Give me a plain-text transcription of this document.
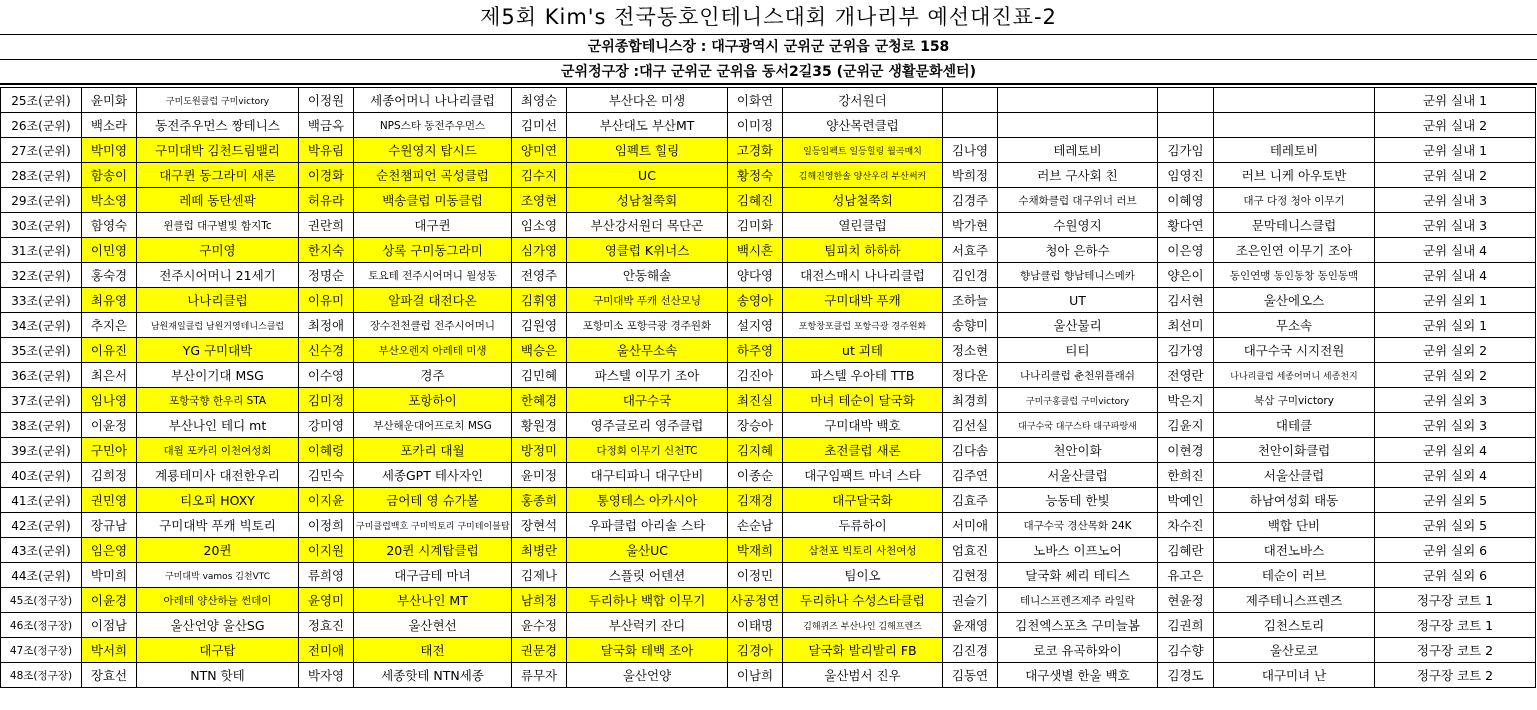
제5회 Kim's 전국동호인테니스대회 개나리부 예선대진표-2
군위종합테니스장 : 대구광역시 군위군 군위읍 군청로 158
군위정구장 :대구 군위군 군위읍 동서2길35 (군위군 생활문화센터)
25조(군위)	윤미화	구미도원클럽 구미victory	이정원	세종어머니 나나리클럽	최영순	부산다온 미생	이화연	강서원더					군위 실내 1
26조(군위)	백소라	동전주우먼스 짱테니스	백금옥	NPS스타 동전주우먼스	김미선	부산대도 부산MT	이미정	양산목련클럽					군위 실내 2
27조(군위)	박미영	구미대박 김천드림밸리	박유림	수원영지 탑시드	양미연	임펙트 힐링	고경화	일등임펙트 일등힐링 월곡매치	김나영	테레토비	김가임	테레토비	군위 실내 1
28조(군위)	함송이	대구퀸 동그라미 새론	이경화	순천챔피언 곡성클럽	김수지	UC	황정숙	김해진영한솔 양산우리 부산써커	박희정	러브 구사회 친	임영진	러브 니케 아우토반	군위 실내 2
29조(군위)	박소영	레떼 동탄센팍	허유라	백송클럽 미동클럽	조영현	성남철쭉회	김혜진	성남철쭉회	김경주	수채화클럽 대구위너 러브	이혜영	대구 다정 청아 이무기	군위 실내 3
30조(군위)	함영숙	윈클럽 대구별빛 함지Tc	권란희	대구퀸	임소영	부산강서원더 목단곤	김미화	열린클럽	박가현	수원영지	황다연	문막테니스클럽	군위 실내 3
31조(군위)	이민영	구미영	한지숙	상록 구미동그라미	심가영	영클럽 K위너스	백시흔	팀피치 하하하	서효주	청아 은하수	이은영	조은인연 이무기 조아	군위 실내 4
32조(군위)	홍숙경	전주시어머니 21세기	정명순	토요테 전주시어머니 월성동	전영주	안동해솔	양다영	대전스매시 나나리클럽	김인경	향남클럽 향남테니스메카	양은이	동인연맹 동인동창 동인동맥	군위 실내 4
33조(군위)	최유영	나나리클럽	이유미	알파걸 대전다온	김휘영	구미대박 푸캐 선산모닝	송영아	구미대박 푸캐	조하늘	UT	김서현	울산에오스	군위 실외 1
34조(군위)	추지은	남원재일클럽 남원거영테니스클럽	최정애	장수전천클럽 전주시어머니	김원영	포항미소 포항극광 경주원화	설지영	포항창포클럽 포항극광 경주원화	송향미	울산물리	최선미	무소속	군위 실외 1
35조(군위)	이유진	YG 구미대박	신수경	부산오렌지 아레테 미생	백승은	울산무소속	하주영	ut 괴테	정소현	티티	김가영	대구수국 시지전원	군위 실외 2
36조(군위)	최은서	부산이기대 MSG	이수영	경주	김민혜	파스텔 이무기 조아	김진아	파스텔 우아테 TTB	정다운	나나리클럽 춘천위플래쉬	전영란	나나리클럽 세종어머니 세종천지	군위 실외 2
37조(군위)	임나영	포항국향 한우리 STA	김미정	포항하이	한혜경	대구수국	최진실	마녀 테순이 달국화	최경희	구미구홍클럽 구미victory	박은지	북삼 구미victory	군위 실외 3
38조(군위)	이윤정	부산나인 테디 mt	강미영	부산해운대어프로치 MSG	황원경	영주글로리 영주클럽	장승아	구미대박 백호	김선실	대구수국 대구스타 대구파랑새	김윤지	대테클	군위 실외 3
39조(군위)	구민아	대월 포카리 이천여성회	이혜령	포카리 대월	방정미	다정회 이무기 신천TC	김지혜	초전클럽 새론	김다솜	천안이화	이현경	천안이화클럽	군위 실외 4
40조(군위)	김희정	계룡테미사 대전한우리	김민숙	세종GPT 테사자인	윤미정	대구티파니 대구단비	이종순	대구임팩트 마녀 스타	김주연	서울산클럽	한희진	서울산클럽	군위 실외 4
41조(군위)	권민영	티오피 HOXY	이지윤	금어테 영 슈가볼	홍종희	통영테스 아카시아	김재경	대구달국화	김효주	능동테 한빛	박예인	하남여성회 태동	군위 실외 5
42조(군위)	장규남	구미대박 푸캐 빅토리	이정희	구미클럽백호 구미빅토리 구미테이블탑	장현석	우파클럽 아리솔 스타	손순남	두류하이	서미애	대구수국 경산목화 24K	차수진	백합 단비	군위 실외 5
43조(군위)	임은영	20퀸	이지원	20퀸 시계탑클럽	최병란	울산UC	박재희	삼천포 빅토리 사천여성	엄효진	노바스 이프노어	김혜란	대전노바스	군위 실외 6
44조(군위)	박미희	구미대박 vamos 김천VTC	류희영	대구금테 마녀	김제나	스플릿 어텐션	이정민	팀이오	김현정	달국화 쎄리 테티스	유고은	테순이 러브	군위 실외 6
45조(정구장)	이윤경	아레테 양산하늘 썬데이	윤영미	부산나인 MT	남희정	두리하나 백합 이무기	사공정연	두리하나 수성스타클럽	권슬기	테니스프렌즈제주 라일락	현윤정	제주테니스프렌즈	정구장 코트 1
46조(정구장)	이점남	울산언양 울산SG	정효진	울산현선	윤수정	부산럭키 잔디	이태명	김해퀴즈 부산나인 김해프렌즈	윤재영	김천엑스포츠 구미늘봄	김권희	김천스토리	정구장 코트 1
47조(정구장)	박서희	대구탑	전미애	태전	권문경	달국화 테백 조아	김경아	달국화 발리발리 FB	김진경	로코 유곡하와이	김수향	울산로코	정구장 코트 2
48조(정구장)	장효선	NTN 핫테	박자영	세종핫테 NTN세종	류무자	울산언양	이남희	울산범서 진우	김동연	대구샛별 한울 백호	김경도	대구미녀 난	정구장 코트 2
